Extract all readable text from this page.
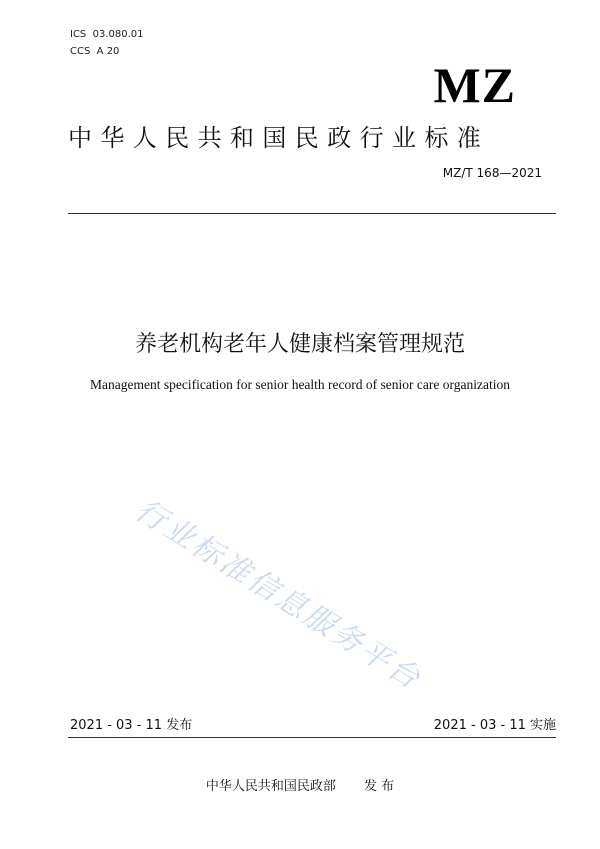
ICS 03.080.01
CCS A 20
MZ
中华人民共和国民政行业标准
MZ/T 168—2021
养老机构老年人健康档案管理规范
Management specification for senior health record of senior care organization
行业标准信息服务平台
2021 - 03 - 11 发布	2021 - 03 - 11 实施
中华人民共和国民政部 发 布
